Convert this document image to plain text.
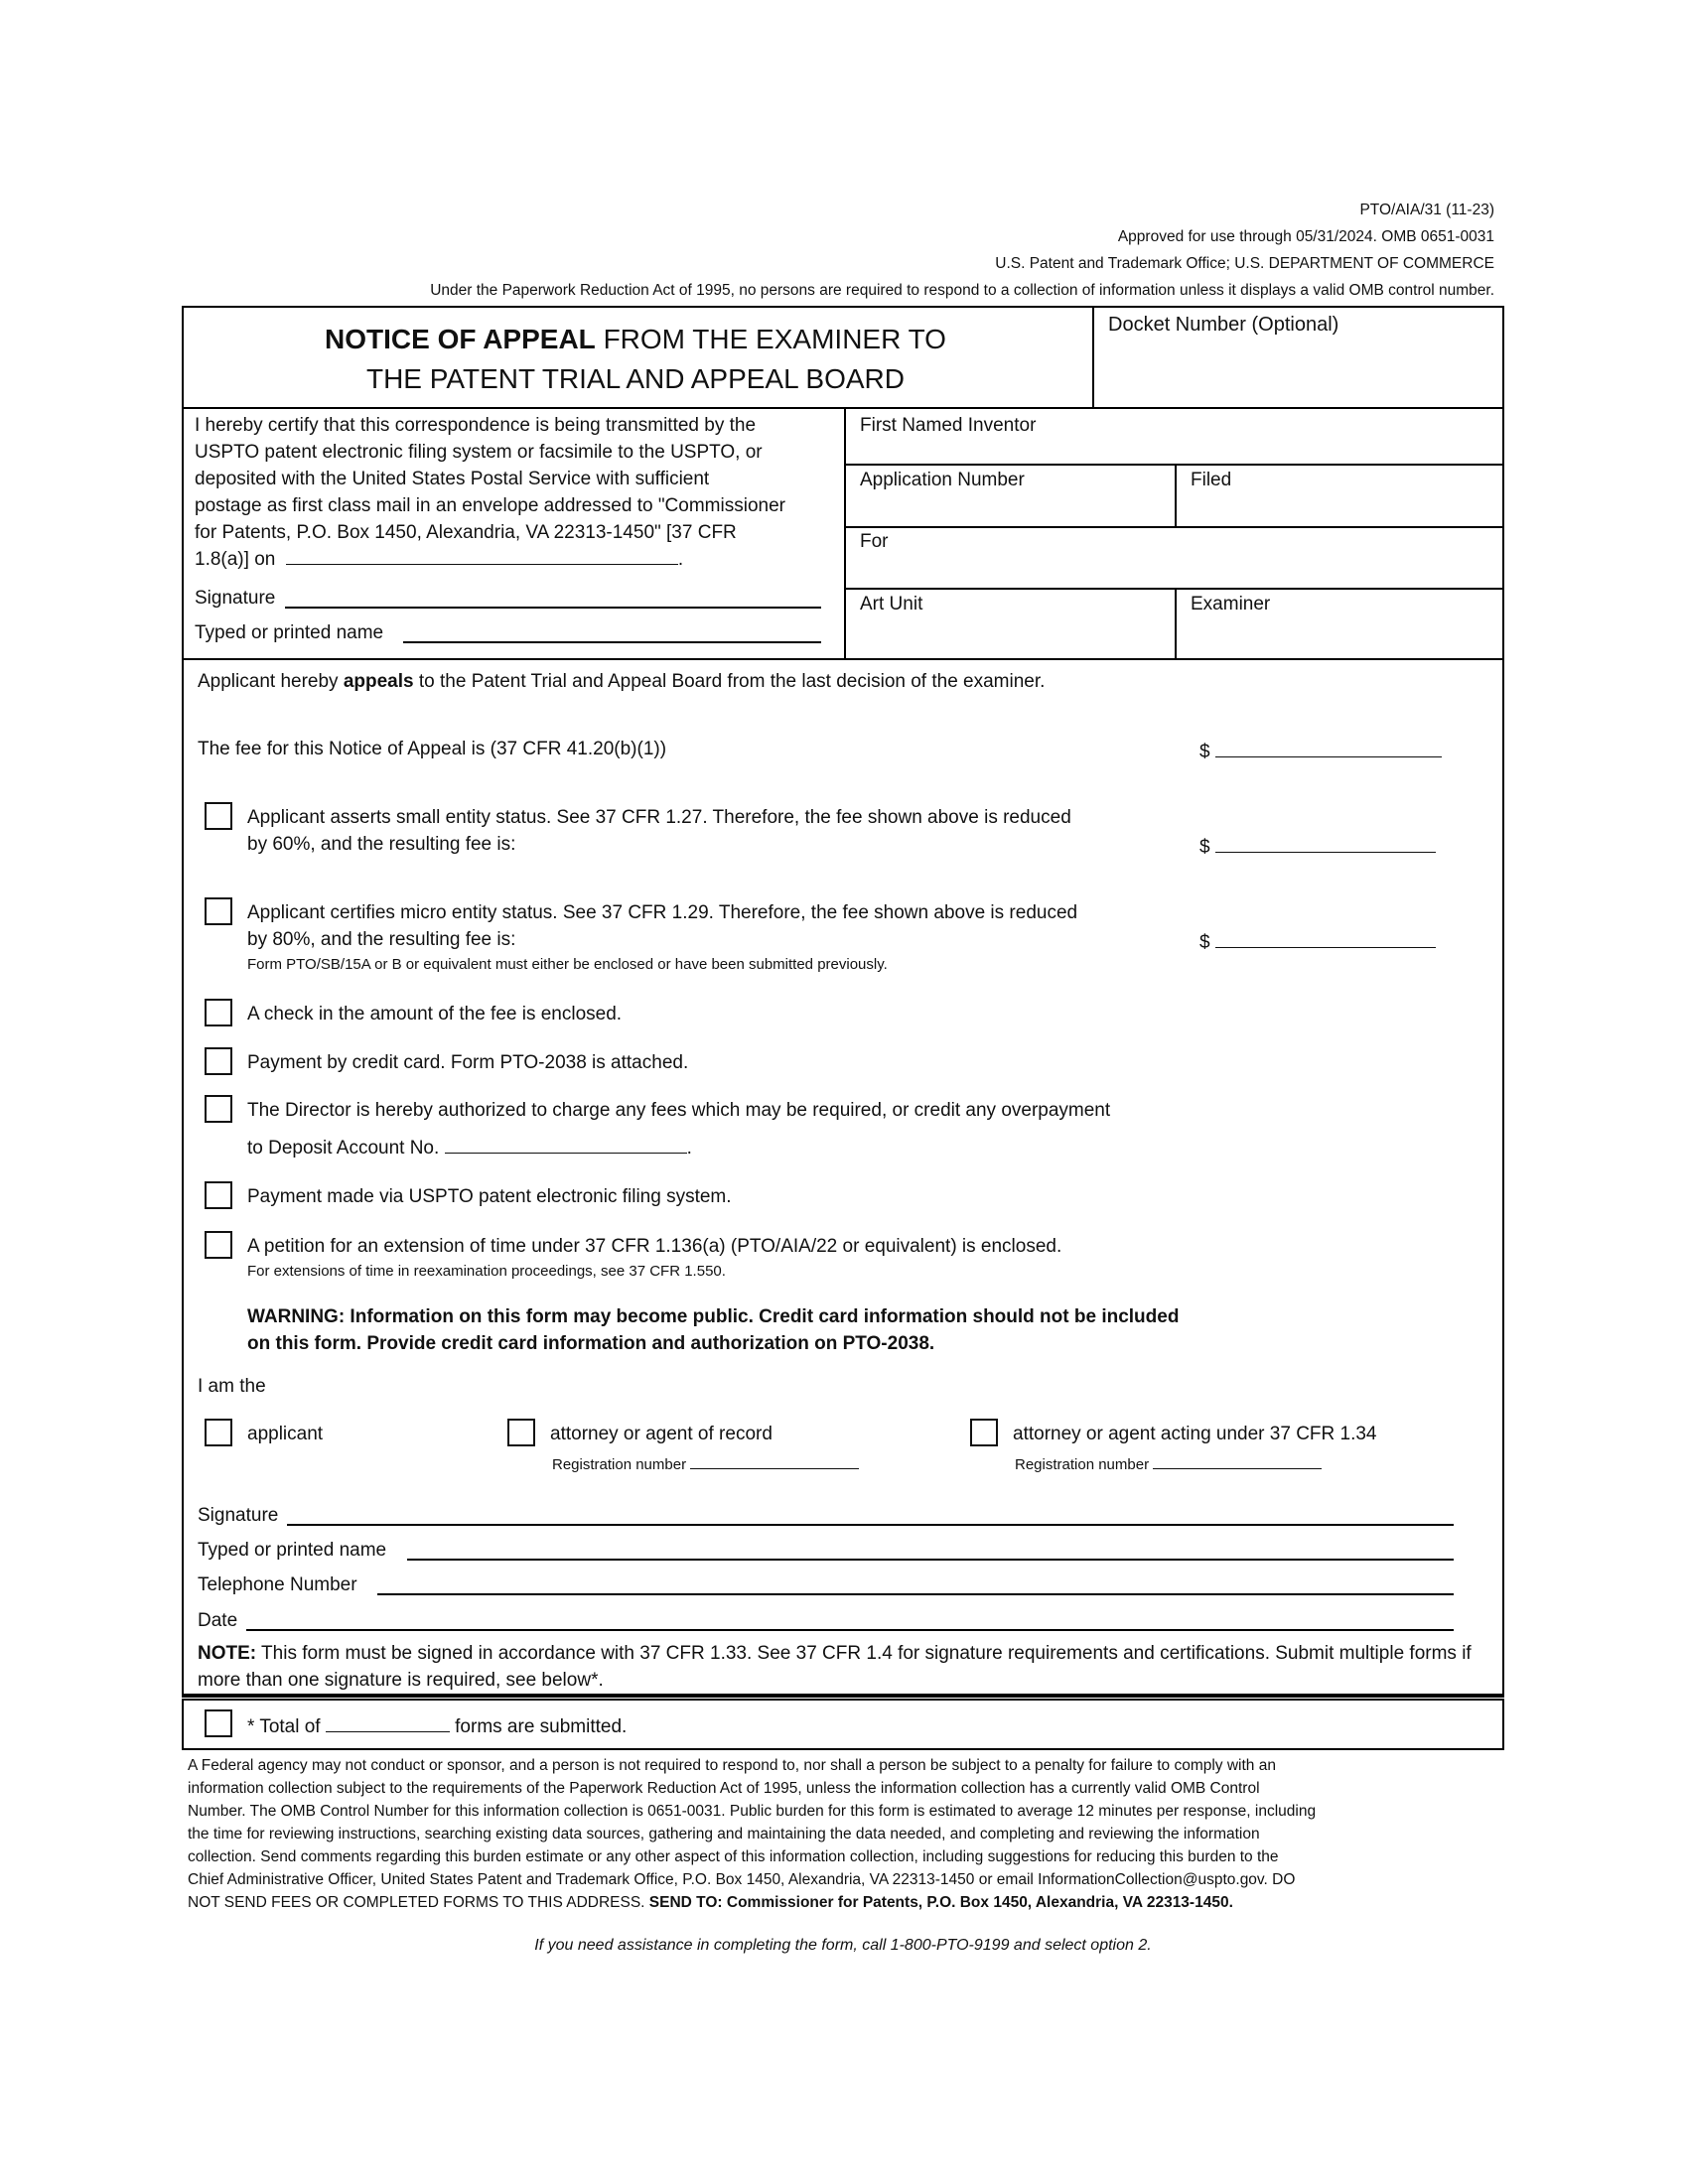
PTO/AIA/31 (11-23)
Approved for use through 05/31/2024. OMB 0651-0031
U.S. Patent and Trademark Office; U.S. DEPARTMENT OF COMMERCE
Under the Paperwork Reduction Act of 1995, no persons are required to respond to a collection of information unless it displays a valid OMB control number.
NOTICE OF APPEAL FROM THE EXAMINER TO
THE PATENT TRIAL AND APPEAL BOARD
Docket Number (Optional)
I hereby certify that this correspondence is being transmitted by the
USPTO patent electronic filing system or facsimile to the USPTO, or
deposited with the United States Postal Service with sufficient
postage as first class mail in an envelope addressed to "Commissioner
for Patents, P.O. Box 1450, Alexandria, VA 22313-1450" [37 CFR
1.8(a)] on	.
Signature
Typed or printed name
First Named Inventor
Application Number	Filed
For
Art Unit	Examiner
Applicant hereby appeals to the Patent Trial and Appeal Board from the last decision of the examiner.
The fee for this Notice of Appeal is (37 CFR 41.20(b)(1))	$
Applicant asserts small entity status. See 37 CFR 1.27. Therefore, the fee shown above is reduced
by 60%, and the resulting fee is:	$
Applicant certifies micro entity status. See 37 CFR 1.29. Therefore, the fee shown above is reduced
by 80%, and the resulting fee is:
Form PTO/SB/15A or B or equivalent must either be enclosed or have been submitted previously.
$
A check in the amount of the fee is enclosed.
Payment by credit card. Form PTO-2038 is attached.
The Director is hereby authorized to charge any fees which may be required, or credit any overpayment
to Deposit Account No.	.
Payment made via USPTO patent electronic filing system.
A petition for an extension of time under 37 CFR 1.136(a) (PTO/AIA/22 or equivalent) is enclosed.
For extensions of time in reexamination proceedings, see 37 CFR 1.550.
WARNING: Information on this form may become public. Credit card information should not be included
on this form. Provide credit card information and authorization on PTO-2038.
I am the
applicant	attorney or agent of record
Registration number
attorney or agent acting under 37 CFR 1.34
Registration number
Signature
Typed or printed name
Telephone Number
Date
NOTE: This form must be signed in accordance with 37 CFR 1.33. See 37 CFR 1.4 for signature requirements and certifications. Submit multiple forms if more than one signature is required, see below*.
* Total of	forms are submitted.
A Federal agency may not conduct or sponsor, and a person is not required to respond to, nor shall a person be subject to a penalty for failure to comply with an
information collection subject to the requirements of the Paperwork Reduction Act of 1995, unless the information collection has a currently valid OMB Control
Number. The OMB Control Number for this information collection is 0651-0031. Public burden for this form is estimated to average 12 minutes per response, including
the time for reviewing instructions, searching existing data sources, gathering and maintaining the data needed, and completing and reviewing the information
collection. Send comments regarding this burden estimate or any other aspect of this information collection, including suggestions for reducing this burden to the
Chief Administrative Officer, United States Patent and Trademark Office, P.O. Box 1450, Alexandria, VA 22313-1450 or email InformationCollection@uspto.gov. DO
NOT SEND FEES OR COMPLETED FORMS TO THIS ADDRESS. SEND TO: Commissioner for Patents, P.O. Box 1450, Alexandria, VA 22313-1450.
If you need assistance in completing the form, call 1-800-PTO-9199 and select option 2.
